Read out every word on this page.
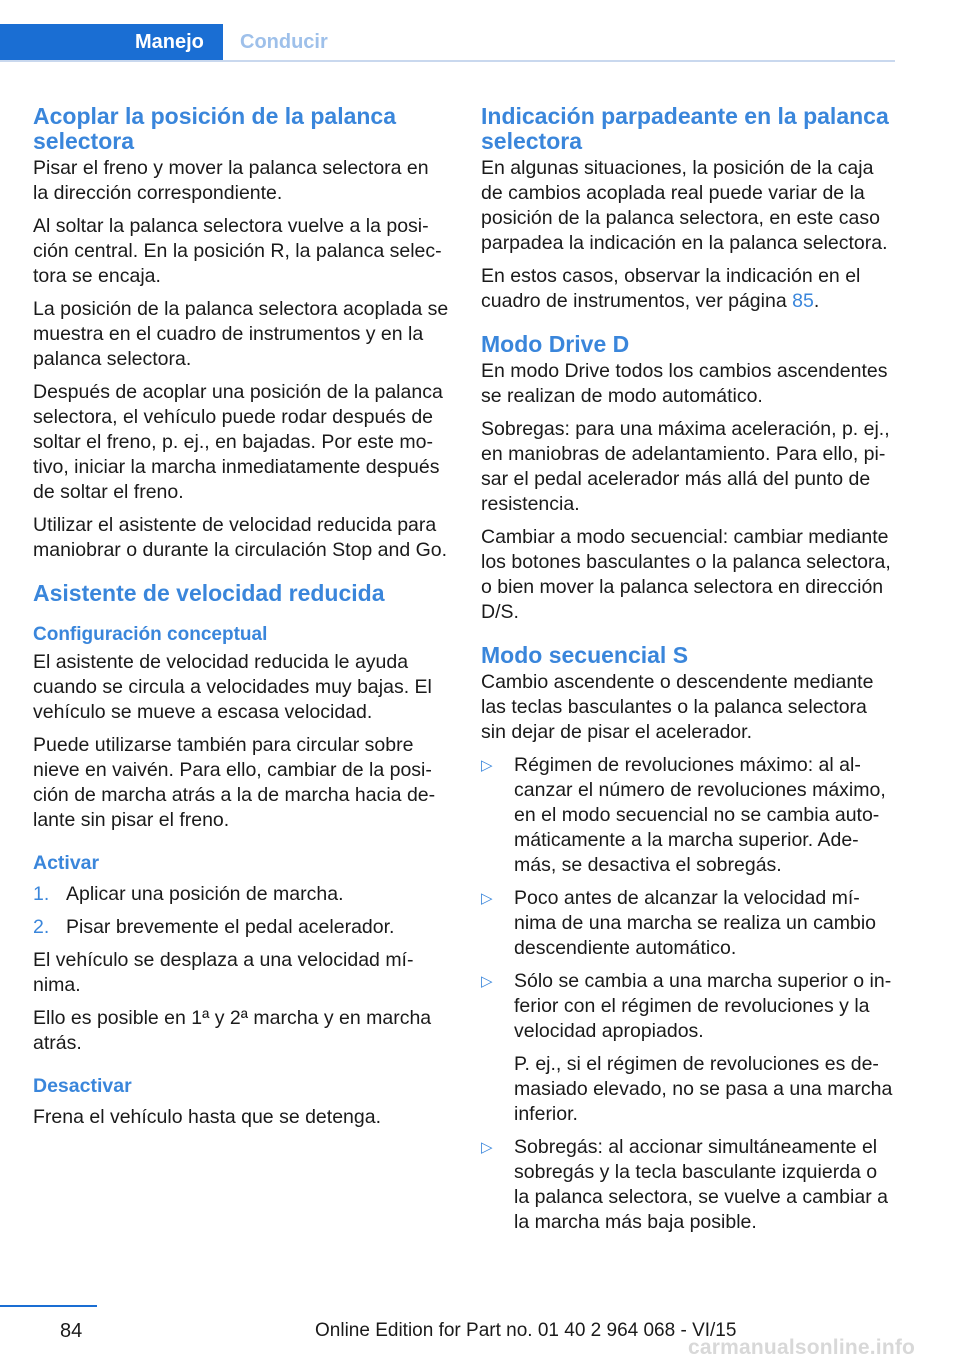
Manejo	Conducir
Acoplar la posición de la palanca selectora
Pisar el freno y mover la palanca selectora en la dirección correspondiente.
Al soltar la palanca selectora vuelve a la posi‐ción central. En la posición R, la palanca selec‐tora se encaja.
La posición de la palanca selectora acoplada se muestra en el cuadro de instrumentos y en la palanca selectora.
Después de acoplar una posición de la palanca selectora, el vehículo puede rodar después de soltar el freno, p. ej., en bajadas. Por este mo‐tivo, iniciar la marcha inmediatamente después de soltar el freno.
Utilizar el asistente de velocidad reducida para maniobrar o durante la circulación Stop and Go.
Asistente de velocidad reducida
Configuración conceptual
El asistente de velocidad reducida le ayuda cuando se circula a velocidades muy bajas. El vehículo se mueve a escasa velocidad.
Puede utilizarse también para circular sobre nieve en vaivén. Para ello, cambiar de la posi‐ción de marcha atrás a la de marcha hacia de‐lante sin pisar el freno.
Activar
1. Aplicar una posición de marcha.
2. Pisar brevemente el pedal acelerador.
El vehículo se desplaza a una velocidad mí‐nima.
Ello es posible en 1ª y 2ª marcha y en marcha atrás.
Desactivar
Frena el vehículo hasta que se detenga.
Indicación parpadeante en la palanca selectora
En algunas situaciones, la posición de la caja de cambios acoplada real puede variar de la posición de la palanca selectora, en este caso parpadea la indicación en la palanca selectora.
En estos casos, observar la indicación en el cuadro de instrumentos, ver página 85.
Modo Drive D
En modo Drive todos los cambios ascendentes se realizan de modo automático.
Sobregas: para una máxima aceleración, p. ej., en maniobras de adelantamiento. Para ello, pi‐sar el pedal acelerador más allá del punto de resistencia.
Cambiar a modo secuencial: cambiar mediante los botones basculantes o la palanca selectora, o bien mover la palanca selectora en dirección D/S.
Modo secuencial S
Cambio ascendente o descendente mediante las teclas basculantes o la palanca selectora sin dejar de pisar el acelerador.
▷ Régimen de revoluciones máximo: al al‐canzar el número de revoluciones máximo, en el modo secuencial no se cambia auto‐máticamente a la marcha superior. Ade‐más, se desactiva el sobregás.
▷ Poco antes de alcanzar la velocidad mí‐nima de una marcha se realiza un cambio descendiente automático.
▷ Sólo se cambia a una marcha superior o in‐ferior con el régimen de revoluciones y la velocidad apropiados.
P. ej., si el régimen de revoluciones es de‐masiado elevado, no se pasa a una marcha inferior.
▷ Sobregás: al accionar simultáneamente el sobregás y la tecla basculante izquierda o la palanca selectora, se vuelve a cambiar a la marcha más baja posible.
84	Online Edition for Part no. 01 40 2 964 068 - VI/15
carmanualsonline.info
